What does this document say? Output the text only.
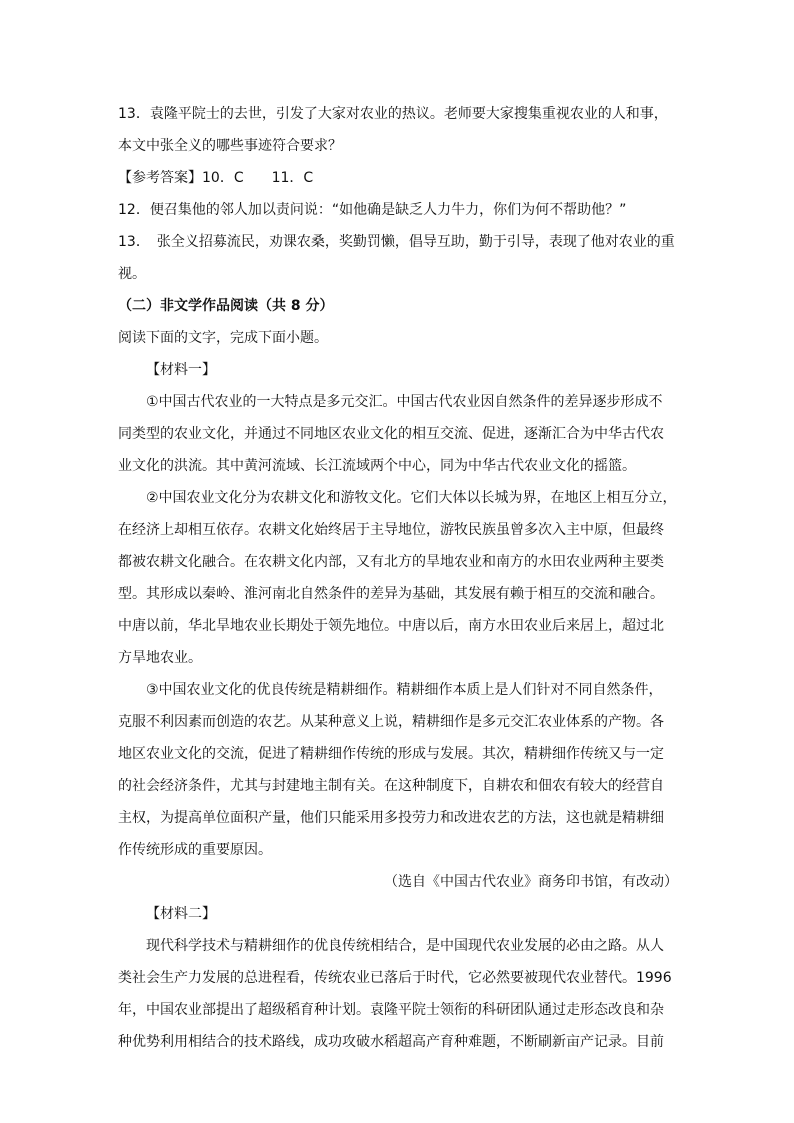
13．袁隆平院士的去世，引发了大家对农业的热议。老师要大家搜集重视农业的人和事，
本文中张全义的哪些事迹符合要求？
【参考答案】10．C　　11．C
12．便召集他的邻人加以责问说：“如他确是缺乏人力牛力，你们为何不帮助他？”
13．　张全义招募流民，劝课农桑，奖勤罚懒，倡导互助，勤于引导，表现了他对农业的重
视。
（二）非文学作品阅读（共 8 分）
阅读下面的文字，完成下面小题。
【材料一】
①中国古代农业的一大特点是多元交汇。中国古代农业因自然条件的差异逐步形成不
同类型的农业文化，并通过不同地区农业文化的相互交流、促进，逐渐汇合为中华古代农
业文化的洪流。其中黄河流域、长江流域两个中心，同为中华古代农业文化的摇篮。
②中国农业文化分为农耕文化和游牧文化。它们大体以长城为界，在地区上相互分立，
在经济上却相互依存。农耕文化始终居于主导地位，游牧民族虽曾多次入主中原，但最终
都被农耕文化融合。在农耕文化内部，又有北方的旱地农业和南方的水田农业两种主要类
型。其形成以秦岭、淮河南北自然条件的差异为基础，其发展有赖于相互的交流和融合。
中唐以前，华北旱地农业长期处于领先地位。中唐以后，南方水田农业后来居上，超过北
方旱地农业。
③中国农业文化的优良传统是精耕细作。精耕细作本质上是人们针对不同自然条件，
克服不利因素而创造的农艺。从某种意义上说，精耕细作是多元交汇农业体系的产物。各
地区农业文化的交流，促进了精耕细作传统的形成与发展。其次，精耕细作传统又与一定
的社会经济条件，尤其与封建地主制有关。在这种制度下，自耕农和佃农有较大的经营自
主权，为提高单位面积产量，他们只能采用多投劳力和改进农艺的方法，这也就是精耕细
作传统形成的重要原因。
（选自《中国古代农业》商务印书馆，有改动）
【材料二】
现代科学技术与精耕细作的优良传统相结合，是中国现代农业发展的必由之路。从人
类社会生产力发展的总进程看，传统农业已落后于时代，它必然要被现代农业替代。1996
年，中国农业部提出了超级稻育种计划。袁隆平院士领衔的科研团队通过走形态改良和杂
种优势利用相结合的技术路线，成功攻破水稻超高产育种难题，不断刷新亩产记录。目前
